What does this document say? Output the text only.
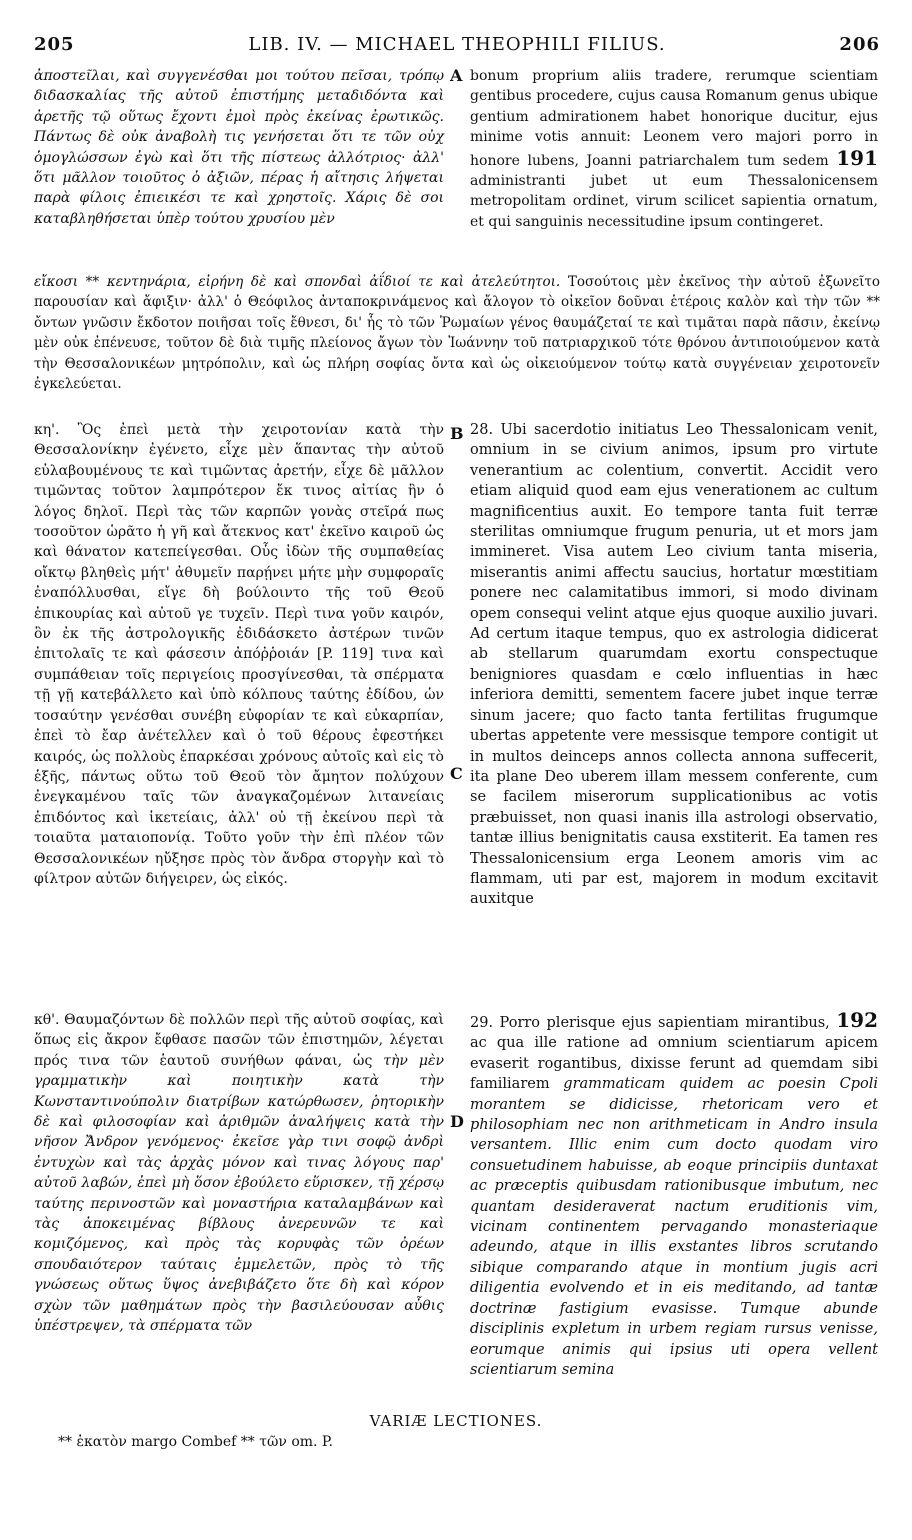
205	LIB. IV. — MICHAEL THEOPHILI FILIUS.	206
A
B
C
D

ἀποστεῖλαι, καὶ συγγενέσθαι μοι τούτου πεῖσαι, τρόπῳ διδασκαλίας τῆς αὐτοῦ ἐπιστήμης μεταδιδόντα καὶ ἀρετῆς τῷ οὕτως ἔχοντι ἐμοὶ πρὸς ἐκείνας ἐρωτικῶς. Πάντως δὲ οὐκ ἀναβολὴ τις γενήσεται ὅτι τε τῶν οὐχ ὁμογλώσσων ἐγὼ καὶ ὅτι τῆς πίστεως ἀλλότριος· ἀλλ' ὅτι μᾶλλον τοιοῦτος ὁ ἀξιῶν, πέρας ἡ αἴτησις λήψεται παρὰ φίλοις ἐπιεικέσι τε καὶ χρηστοῖς. Χάρις δὲ σοι καταβληθήσεται ὑπὲρ τούτου χρυσίου μὲν

bonum proprium aliis tradere, rerumque scientiam gentibus procedere, cujus causa Romanum genus ubique gentium admirationem habet honorique ducitur, ejus minime votis annuit: Leonem vero majori porro in honore lubens, Joanni patriarchalem tum sedem 191 administranti jubet ut eum Thessalonicensem metropolitam ordinet, virum scilicet sapientia ornatum, et qui sanguinis necessitudine ipsum contingeret.

εἴκοσι ** κεντηνάρια, εἰρήνη δὲ καὶ σπονδαὶ ἀΐδιοί τε καὶ ἀτελεύτητοι. Τοσούτοις μὲν ἐκεῖνος τὴν αὐτοῦ ἐξωνεῖτο παρουσίαν καὶ ἄφιξιν· ἀλλ' ὁ Θεόφιλος ἀνταποκρινάμενος καὶ ἄλογον τὸ οἰκεῖον δοῦναι ἑτέροις καλὸν καὶ τὴν τῶν ** ὄντων γνῶσιν ἔκδοτον ποιῆσαι τοῖς ἔθνεσι, δι' ἧς τὸ τῶν Ῥωμαίων γένος θαυμάζεταί τε καὶ τιμᾶται παρὰ πᾶσιν, ἐκείνῳ μὲν οὐκ ἐπένευσε, τοῦτον δὲ διὰ τιμῆς πλείονος ἄγων τὸν Ἰωάννην τοῦ πατριαρχικοῦ τότε θρόνου ἀντιποιούμενον κατὰ τὴν Θεσσαλονικέων μητρόπολιν, καὶ ὡς πλήρη σοφίας ὄντα καὶ ὡς οἰκειούμενον τούτῳ κατὰ συγγένειαν χειροτονεῖν ἐγκελεύεται.

κη'. Ὃς ἐπεὶ μετὰ τὴν χειροτονίαν κατὰ τὴν Θεσσαλονίκην ἐγένετο, εἶχε μὲν ἅπαντας τὴν αὐτοῦ εὐλαβουμένους τε καὶ τιμῶντας ἀρετήν, εἶχε δὲ μᾶλλον τιμῶντας τοῦτον λαμπρότερον ἔκ τινος αἰτίας ἣν ὁ λόγος δηλοῖ. Περὶ τὰς τῶν καρπῶν γονὰς στεῖρά πως τοσοῦτον ὡρᾶτο ἡ γῆ καὶ ἄτεκνος κατ' ἐκεῖνο καιροῦ ὡς καὶ θάνατον κατεπείγεσθαι. Οὗς ἰδὼν τῆς συμπαθείας οἴκτῳ βληθεὶς μήτ' ἀθυμεῖν παρῄνει μήτε μὴν συμφοραῖς ἐναπόλλυσθαι, εἴγε δὴ βούλοιντο τῆς τοῦ Θεοῦ ἐπικουρίας καὶ αὐτοῦ γε τυχεῖν. Περὶ τινα γοῦν καιρόν, ὃν ἐκ τῆς ἀστρολογικῆς ἐδιδάσκετο ἀστέρων τινῶν ἐπιτολαῖς τε καὶ φάσεσιν ἀπόῤῥοιάν [P. 119] τινα καὶ συμπάθειαν τοῖς περιγείοις προσγίνεσθαι, τὰ σπέρματα τῇ γῇ κατεβάλλετο καὶ ὑπὸ κόλπους ταύτης ἐδίδου, ὡν τοσαύτην γενέσθαι συνέβη εὐφορίαν τε καὶ εὐκαρπίαν, ἐπεὶ τὸ ἔαρ ἀνέτελλεν καὶ ὁ τοῦ θέρους ἐφεστήκει καιρός, ὡς πολλοὺς ἐπαρκέσαι χρόνους αὐτοῖς καὶ εἰς τὸ ἑξῆς, πάντως οὕτω τοῦ Θεοῦ τὸν ἄμητον πολύχουν ἐνεγκαμένου ταῖς τῶν ἀναγκαζομένων λιτανείαις ἐπιδόντος καὶ ἱκετείαις, ἀλλ' οὐ τῇ ἐκείνου περὶ τὰ τοιαῦτα ματαιοπονίᾳ. Τοῦτο γοῦν τὴν ἐπὶ πλέον τῶν Θεσσαλονικέων ηὔξησε πρὸς τὸν ἄνδρα στοργὴν καὶ τὸ φίλτρον αὐτῶν διήγειρεν, ὡς εἰκός.

28. Ubi sacerdotio initiatus Leo Thessalonicam venit, omnium in se civium animos, ipsum pro virtute venerantium ac colentium, convertit. Accidit vero etiam aliquid quod eam ejus venerationem ac cultum magnificentius auxit. Eo tempore tanta fuit terræ sterilitas omniumque frugum penuria, ut et mors jam immineret. Visa autem Leo civium tanta miseria, miserantis animi affectu saucius, hortatur mœstitiam ponere nec calamitatibus immori, si modo divinam opem consequi velint atque ejus quoque auxilio juvari. Ad certum itaque tempus, quo ex astrologia didicerat ab stellarum quarumdam exortu conspectuque benigniores quasdam e cœlo influentias in hæc inferiora demitti, sementem facere jubet inque terræ sinum jacere; quo facto tanta fertilitas frugumque ubertas appetente vere messisque tempore contigit ut in multos deinceps annos collecta annona suffecerit, ita plane Deo uberem illam messem conferente, cum se facilem miserorum supplicationibus ac votis præbuisset, non quasi inanis illa astrologi observatio, tantæ illius benignitatis causa exstiterit. Ea tamen res Thessalonicensium erga Leonem amoris vim ac flammam, uti par est, majorem in modum excitavit auxitque

κθ'. Θαυμαζόντων δὲ πολλῶν περὶ τῆς αὐτοῦ σοφίας, καὶ ὅπως εἰς ἄκρον ἔφθασε πασῶν τῶν ἐπιστημῶν, λέγεται πρός τινα τῶν ἑαυτοῦ συνήθων φάναι, ὡς τὴν μὲν γραμματικὴν καὶ ποιητικὴν κατὰ τὴν Κωνσταντινούπολιν διατρίβων κατώρθωσεν, ῥητορικὴν δὲ καὶ φιλοσοφίαν καὶ ἀριθμῶν ἀναλήψεις κατὰ τὴν νῆσον Ἄνδρον γενόμενος· ἐκεῖσε γὰρ τινι σοφῷ ἀνδρὶ ἐντυχὼν καὶ τὰς ἀρχὰς μόνον καὶ τινας λόγους παρ' αὐτοῦ λαβών, ἐπεὶ μὴ ὅσον ἐβούλετο εὕρισκεν, τῇ χέρσῳ ταύτης περινοστῶν καὶ μοναστήρια καταλαμβάνων καὶ τὰς ἀποκειμένας βίβλους ἀνερευνῶν τε καὶ κομιζόμενος, καὶ πρὸς τὰς κορυφὰς τῶν ὀρέων σπουδαιότερον ταύταις ἐμμελετῶν, πρὸς τὸ τῆς γνώσεως οὕτως ὕψος ἀνεβιβάζετο ὅτε δὴ καὶ κόρον σχὼν τῶν μαθημάτων πρὸς τὴν βασιλεύουσαν αὖθις ὑπέστρεψεν, τὰ σπέρματα τῶν

29. Porro plerisque ejus sapientiam mirantibus, 192 ac qua ille ratione ad omnium scientiarum apicem evaserit rogantibus, dixisse ferunt ad quemdam sibi familiarem grammaticam quidem ac poesin Cpoli morantem se didicisse, rhetoricam vero et philosophiam nec non arithmeticam in Andro insula versantem. Illic enim cum docto quodam viro consuetudinem habuisse, ab eoque principiis duntaxat ac præceptis quibusdam rationibusque imbutum, nec quantam desideraverat nactum eruditionis vim, vicinam continentem pervagando monasteriaque adeundo, atque in illis exstantes libros scrutando sibique comparando atque in montium jugis acri diligentia evolvendo et in eis meditando, ad tantæ doctrinæ fastigium evasisse. Tumque abunde disciplinis expletum in urbem regiam rursus venisse, eorumque animis qui ipsius uti opera vellent scientiarum semina

VARIÆ LECTIONES.
** ἑκατὸν margo Combef ** τῶν om. P.
